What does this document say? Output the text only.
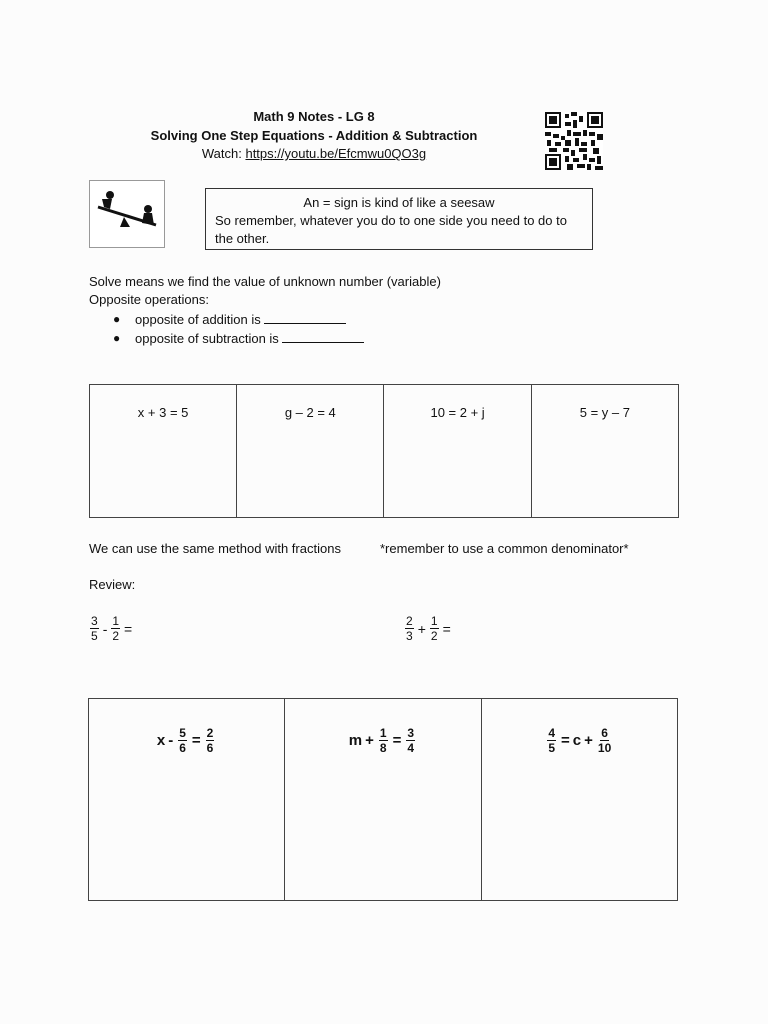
Math 9 Notes - LG 8
Solving One Step Equations - Addition & Subtraction
Watch: https://youtu.be/Efcmwu0QO3g
An = sign is kind of like a seesaw
So remember, whatever you do to one side you need to do to the other.
Solve means we find the value of unknown number (variable)
Opposite operations:
● opposite of addition is
● opposite of subtraction is
x + 3 = 5	g – 2 = 4	10 = 2 + j	5 = y – 7
We can use the same method with fractions	*remember to use a common denominator*
Review:
$\frac{3}{5} - \frac{1}{2}$ =	$\frac{2}{3} + \frac{1}{2}$ =
$x - \frac{5}{6} = \frac{2}{6}$	$m + \frac{1}{8} = \frac{3}{4}$	$\frac{4}{5} = c + \frac{6}{10}$
